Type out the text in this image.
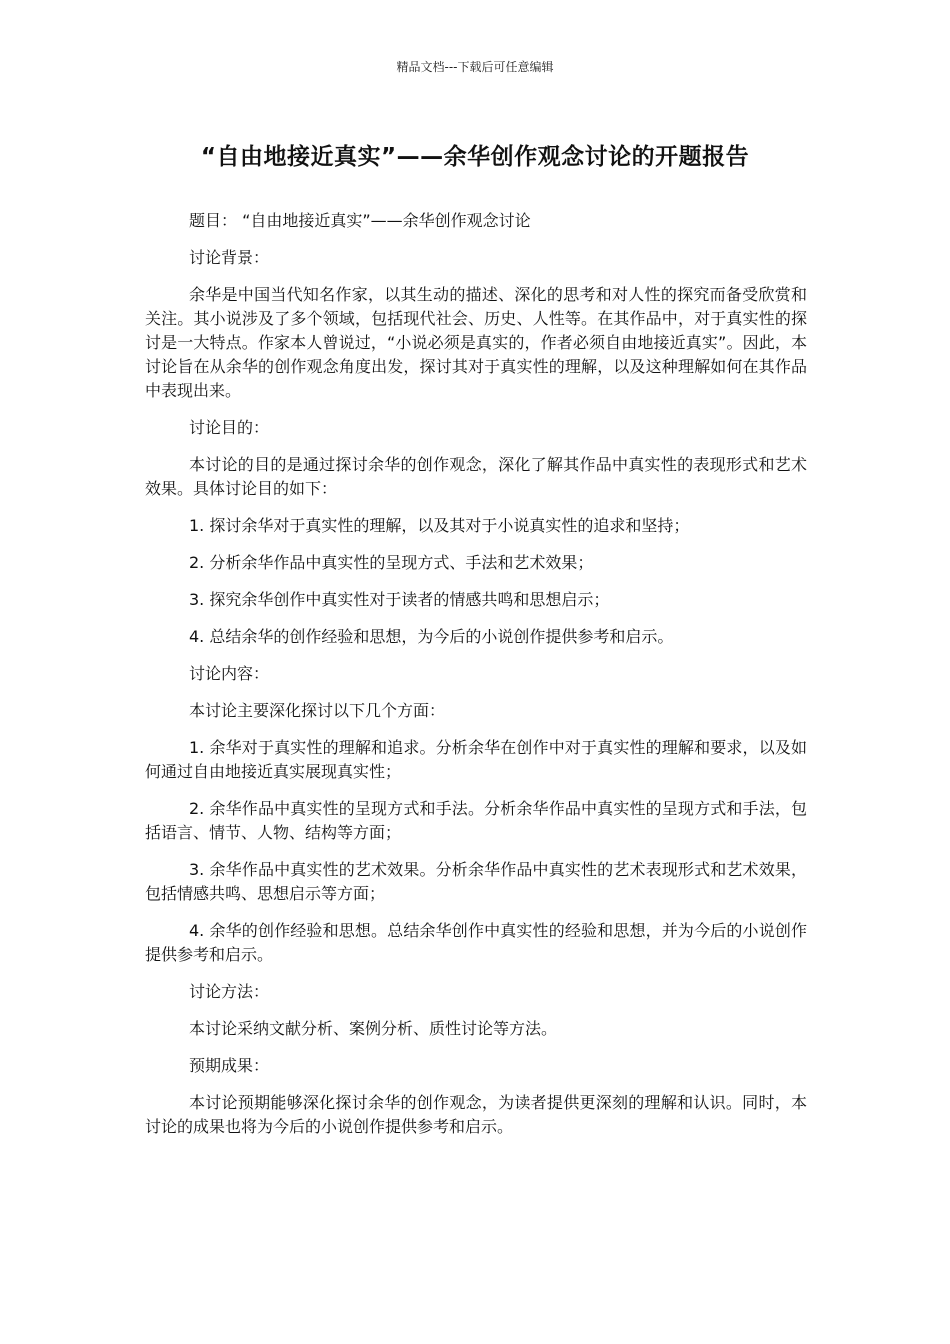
精品文档---下载后可任意编辑
“自由地接近真实”——余华创作观念讨论的开题报告

题目： “自由地接近真实”——余华创作观念讨论

讨论背景：

余华是中国当代知名作家，以其生动的描述、深化的思考和对人性的探究而备受欣赏和关注。其小说涉及了多个领域，包括现代社会、历史、人性等。在其作品中，对于真实性的探讨是一大特点。作家本人曾说过，“小说必须是真实的，作者必须自由地接近真实”。因此，本讨论旨在从余华的创作观念角度出发，探讨其对于真实性的理解，以及这种理解如何在其作品中表现出来。

讨论目的：

本讨论的目的是通过探讨余华的创作观念，深化了解其作品中真实性的表现形式和艺术效果。具体讨论目的如下：

1. 探讨余华对于真实性的理解，以及其对于小说真实性的追求和坚持；

2. 分析余华作品中真实性的呈现方式、手法和艺术效果；

3. 探究余华创作中真实性对于读者的情感共鸣和思想启示；

4. 总结余华的创作经验和思想，为今后的小说创作提供参考和启示。

讨论内容：

本讨论主要深化探讨以下几个方面：

1. 余华对于真实性的理解和追求。分析余华在创作中对于真实性的理解和要求，以及如何通过自由地接近真实展现真实性；

2. 余华作品中真实性的呈现方式和手法。分析余华作品中真实性的呈现方式和手法，包括语言、情节、人物、结构等方面；

3. 余华作品中真实性的艺术效果。分析余华作品中真实性的艺术表现形式和艺术效果，包括情感共鸣、思想启示等方面；

4. 余华的创作经验和思想。总结余华创作中真实性的经验和思想，并为今后的小说创作提供参考和启示。

讨论方法：

本讨论采纳文献分析、案例分析、质性讨论等方法。

预期成果：

本讨论预期能够深化探讨余华的创作观念，为读者提供更深刻的理解和认识。同时，本讨论的成果也将为今后的小说创作提供参考和启示。
